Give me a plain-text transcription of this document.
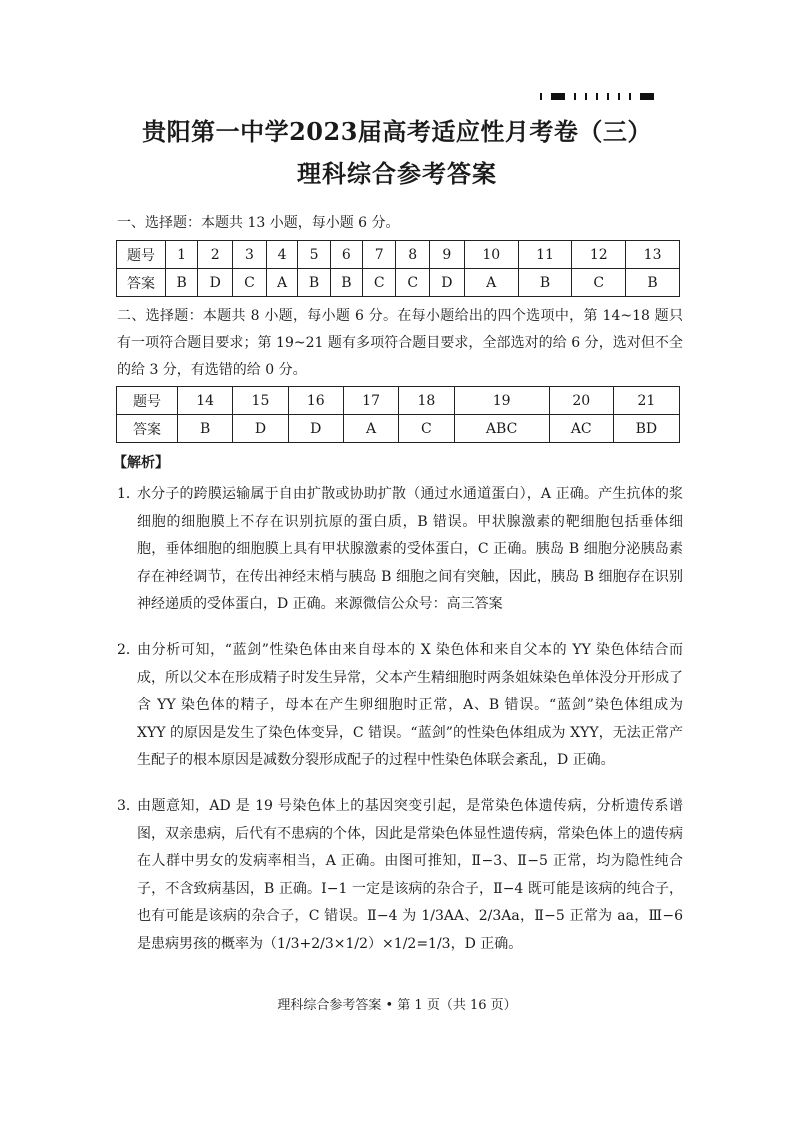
贵阳第一中学2023届高考适应性月考卷（三）
理科综合参考答案
一、选择题：本题共 13 小题，每小题 6 分。
题号	1	2	3	4	5	6	7	8	9	10	11	12	13
答案	B	D	C	A	B	B	C	C	D	A	B	C	B
二、选择题：本题共 8 小题，每小题 6 分。在每小题给出的四个选项中，第 14~18 题只有一项符合题目要求；第 19~21 题有多项符合题目要求，全部选对的给 6 分，选对但不全的给 3 分，有选错的给 0 分。
题号	14	15	16	17	18	19	20	21
答案	B	D	D	A	C	ABC	AC	BD
【解析】
1．
水分子的跨膜运输属于自由扩散或协助扩散（通过水通道蛋白），A 正确。产生抗体的浆细胞的细胞膜上不存在识别抗原的蛋白质，B 错误。甲状腺激素的靶细胞包括垂体细胞，垂体细胞的细胞膜上具有甲状腺激素的受体蛋白，C 正确。胰岛 B 细胞分泌胰岛素存在神经调节，在传出神经末梢与胰岛 B 细胞之间有突触，因此，胰岛 B 细胞存在识别神经递质的受体蛋白，D 正确。来源微信公众号：高三答案
2．
由分析可知，“蓝剑”性染色体由来自母本的 X 染色体和来自父本的 YY 染色体结合而成，所以父本在形成精子时发生异常，父本产生精细胞时两条姐妹染色单体没分开形成了含 YY 染色体的精子，母本在产生卵细胞时正常，A、B 错误。“蓝剑”染色体组成为 XYY 的原因是发生了染色体变异，C 错误。“蓝剑”的性染色体组成为 XYY，无法正常产生配子的根本原因是减数分裂形成配子的过程中性染色体联会紊乱，D 正确。
3．
由题意知，AD 是 19 号染色体上的基因突变引起，是常染色体遗传病，分析遗传系谱图，双亲患病，后代有不患病的个体，因此是常染色体显性遗传病，常染色体上的遗传病在人群中男女的发病率相当，A 正确。由图可推知，Ⅱ−3、Ⅱ−5 正常，均为隐性纯合子，不含致病基因，B 正确。Ⅰ−1 一定是该病的杂合子，Ⅱ−4 既可能是该病的纯合子，也有可能是该病的杂合子，C 错误。Ⅱ−4 为 1/3AA、2/3Aa，Ⅱ−5 正常为 aa，Ⅲ−6 是患病男孩的概率为（1/3+2/3×1/2）×1/2=1/3，D 正确。
理科综合参考答案 • 第 1 页（共 16 页）
